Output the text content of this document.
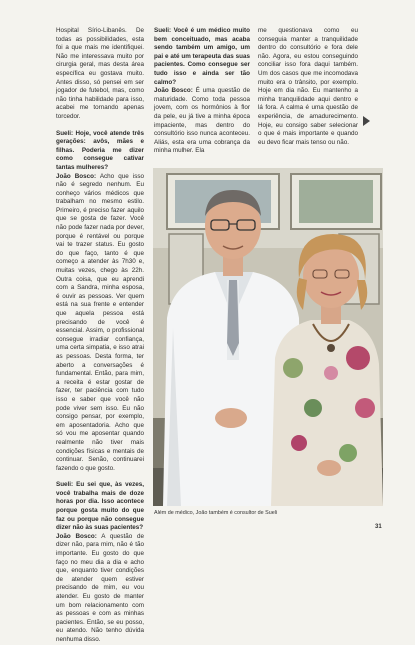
Hospital Sírio-Libanês. De todas as possibilidades, esta foi a que mais me identifiquei. Não me interessava muito por cirurgia geral, mas desta área específica eu gostava muito. Antes disso, só pensei em ser jogador de futebol, mas, como não tinha habilidade para isso, acabei me tornando apenas torcedor.

Sueli: Hoje, você atende três gerações: avôs, mães e filhas. Poderia me dizer como consegue cativar tantas mulheres?

João Bosco: Acho que isso não é segredo nenhum. Eu conheço vários médicos que trabalham no mesmo estilo. Primeiro, é preciso fazer aquilo que se gosta de fazer. Você não pode fazer nada por dever, porque é rentável ou porque vai te trazer status. Eu gosto do que faço, tanto é que começo a atender às 7h30 e, muitas vezes, chego às 22h. Outra coisa, que eu aprendi com a Sandra, minha esposa, é ouvir as pessoas. Ver quem está na sua frente e entender que aquela pessoa está precisando de você é essencial. Assim, o profissional consegue irradiar confiança, uma certa simpatia, e isso atrai as pessoas. Desta forma, ter aberto a conversações é fundamental. Então, para mim, a receita é estar gostar de fazer, ter paciência com tudo isso e saber que você não pode viver sem isso. Eu não consigo pensar, por exemplo, em aposentadoria. Acho que só vou me aposentar quando realmente não tiver mais condições físicas e mentais de continuar. Senão, continuarei fazendo o que gosto.

Sueli: Eu sei que, às vezes, você trabalha mais de doze horas por dia. Isso acontece porque gosta muito do que faz ou porque não consegue dizer não às suas pacientes?

João Bosco: A questão de dizer não, para mim, não é tão importante. Eu gosto do que faço no meu dia a dia e acho que, enquanto tiver condições de atender quem estiver precisando de mim, eu vou atender. Eu gosto de manter um bom relacionamento com as pessoas e com as minhas pacientes. Então, se eu posso, eu atendo. Não tenho dúvida nenhuma disso.

Sueli: Você é um médico muito bem conceituado, mas acaba sendo também um amigo, um pai e até um terapeuta das suas pacientes. Como consegue ser tudo isso e ainda ser tão calmo?

João Bosco: É uma questão de maturidade. Como toda pessoa jovem, com os hormônios à flor da pele, eu já tive a minha época impaciente, mas dentro do consultório isso nunca aconteceu. Aliás, esta era uma cobrança da minha mulher. Ela

me questionava como eu conseguia manter a tranquilidade dentro do consultório e fora dele não. Agora, eu estou conseguindo conciliar isso fora daqui também. Um dos casos que me incomodava muito era o trânsito, por exemplo. Hoje em dia não. Eu mantenho a minha tranquilidade aqui dentro e lá fora. A calma é uma questão de experiência, de amadurecimento. Hoje, eu consigo saber selecionar o que é mais importante e quando eu devo ficar mais tenso ou não.

Além de médico, João também é consultor de Sueli
31
